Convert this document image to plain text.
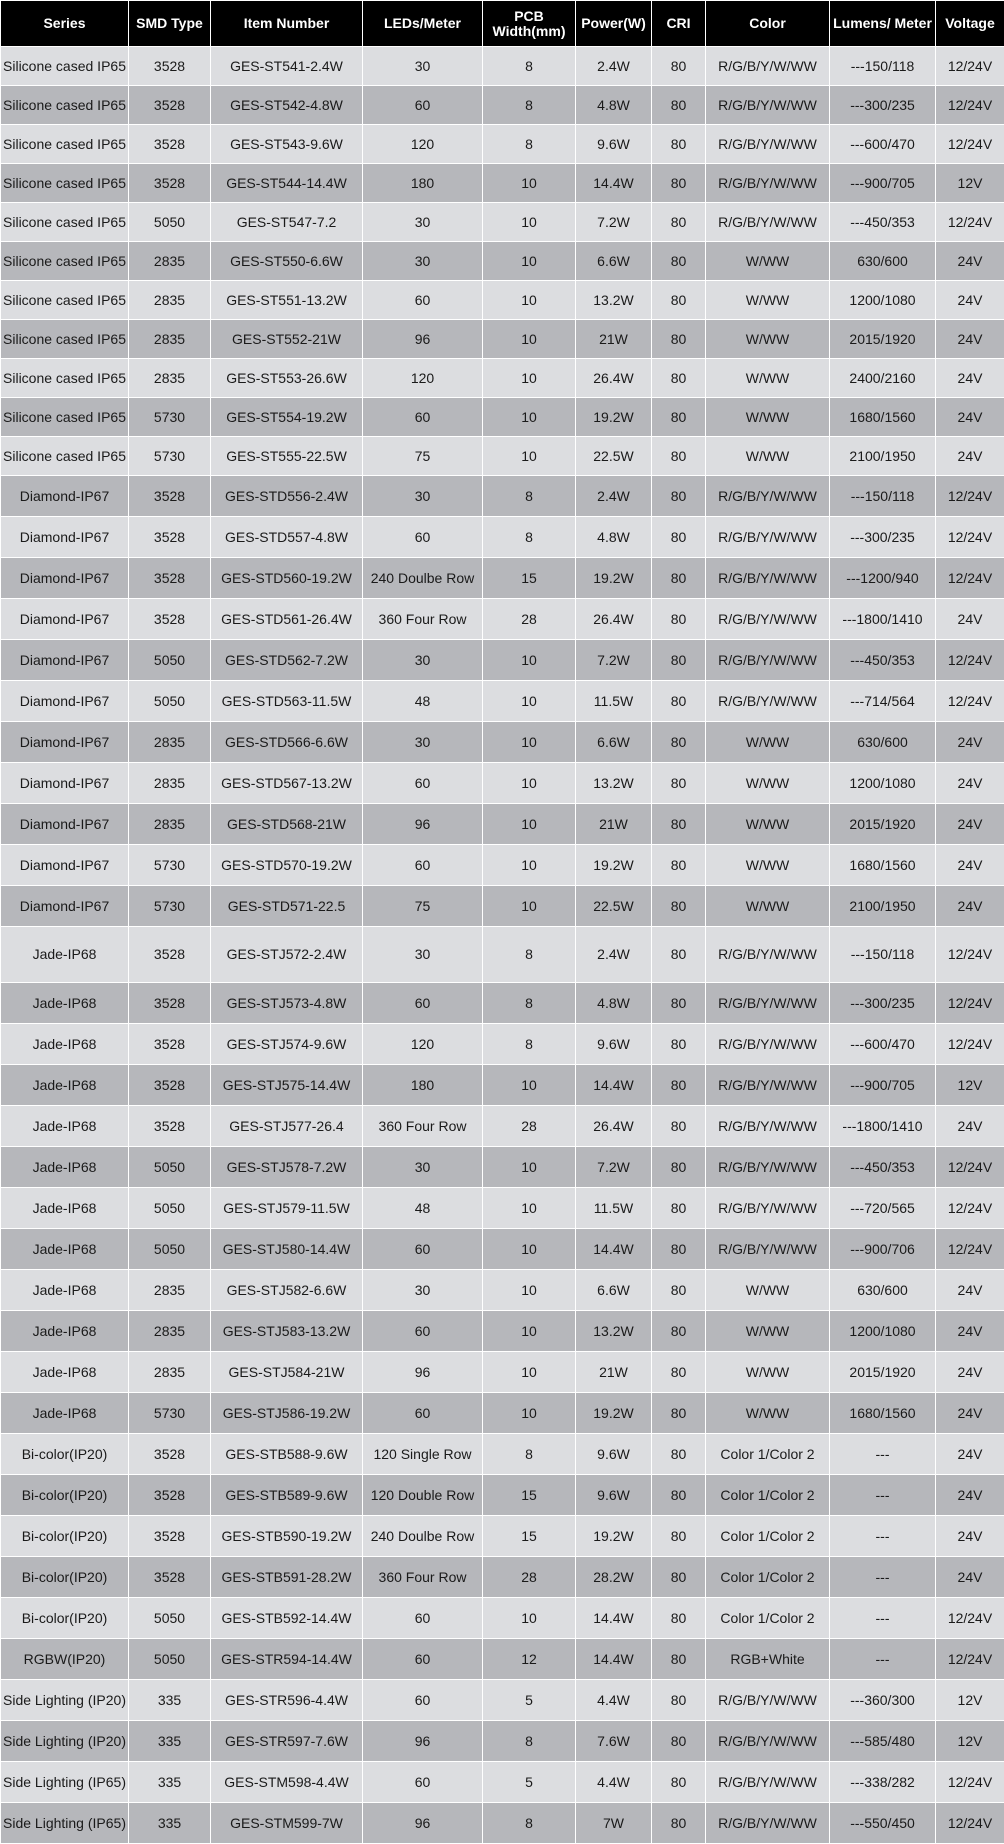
Series	SMD Type	Item Number	LEDs/Meter	PCB Width(mm)	Power(W)	CRI	Color	Lumens/ Meter	Voltage
Silicone cased IP65	3528	GES-ST541-2.4W	30	8	2.4W	80	R/G/B/Y/W/WW	---150/118	12/24V
Silicone cased IP65	3528	GES-ST542-4.8W	60	8	4.8W	80	R/G/B/Y/W/WW	---300/235	12/24V
Silicone cased IP65	3528	GES-ST543-9.6W	120	8	9.6W	80	R/G/B/Y/W/WW	---600/470	12/24V
Silicone cased IP65	3528	GES-ST544-14.4W	180	10	14.4W	80	R/G/B/Y/W/WW	---900/705	12V
Silicone cased IP65	5050	GES-ST547-7.2	30	10	7.2W	80	R/G/B/Y/W/WW	---450/353	12/24V
Silicone cased IP65	2835	GES-ST550-6.6W	30	10	6.6W	80	W/WW	630/600	24V
Silicone cased IP65	2835	GES-ST551-13.2W	60	10	13.2W	80	W/WW	1200/1080	24V
Silicone cased IP65	2835	GES-ST552-21W	96	10	21W	80	W/WW	2015/1920	24V
Silicone cased IP65	2835	GES-ST553-26.6W	120	10	26.4W	80	W/WW	2400/2160	24V
Silicone cased IP65	5730	GES-ST554-19.2W	60	10	19.2W	80	W/WW	1680/1560	24V
Silicone cased IP65	5730	GES-ST555-22.5W	75	10	22.5W	80	W/WW	2100/1950	24V
Diamond-IP67	3528	GES-STD556-2.4W	30	8	2.4W	80	R/G/B/Y/W/WW	---150/118	12/24V
Diamond-IP67	3528	GES-STD557-4.8W	60	8	4.8W	80	R/G/B/Y/W/WW	---300/235	12/24V
Diamond-IP67	3528	GES-STD560-19.2W	240 Doulbe Row	15	19.2W	80	R/G/B/Y/W/WW	---1200/940	12/24V
Diamond-IP67	3528	GES-STD561-26.4W	360 Four Row	28	26.4W	80	R/G/B/Y/W/WW	---1800/1410	24V
Diamond-IP67	5050	GES-STD562-7.2W	30	10	7.2W	80	R/G/B/Y/W/WW	---450/353	12/24V
Diamond-IP67	5050	GES-STD563-11.5W	48	10	11.5W	80	R/G/B/Y/W/WW	---714/564	12/24V
Diamond-IP67	2835	GES-STD566-6.6W	30	10	6.6W	80	W/WW	630/600	24V
Diamond-IP67	2835	GES-STD567-13.2W	60	10	13.2W	80	W/WW	1200/1080	24V
Diamond-IP67	2835	GES-STD568-21W	96	10	21W	80	W/WW	2015/1920	24V
Diamond-IP67	5730	GES-STD570-19.2W	60	10	19.2W	80	W/WW	1680/1560	24V
Diamond-IP67	5730	GES-STD571-22.5	75	10	22.5W	80	W/WW	2100/1950	24V
Jade-IP68	3528	GES-STJ572-2.4W	30	8	2.4W	80	R/G/B/Y/W/WW	---150/118	12/24V
Jade-IP68	3528	GES-STJ573-4.8W	60	8	4.8W	80	R/G/B/Y/W/WW	---300/235	12/24V
Jade-IP68	3528	GES-STJ574-9.6W	120	8	9.6W	80	R/G/B/Y/W/WW	---600/470	12/24V
Jade-IP68	3528	GES-STJ575-14.4W	180	10	14.4W	80	R/G/B/Y/W/WW	---900/705	12V
Jade-IP68	3528	GES-STJ577-26.4	360 Four Row	28	26.4W	80	R/G/B/Y/W/WW	---1800/1410	24V
Jade-IP68	5050	GES-STJ578-7.2W	30	10	7.2W	80	R/G/B/Y/W/WW	---450/353	12/24V
Jade-IP68	5050	GES-STJ579-11.5W	48	10	11.5W	80	R/G/B/Y/W/WW	---720/565	12/24V
Jade-IP68	5050	GES-STJ580-14.4W	60	10	14.4W	80	R/G/B/Y/W/WW	---900/706	12/24V
Jade-IP68	2835	GES-STJ582-6.6W	30	10	6.6W	80	W/WW	630/600	24V
Jade-IP68	2835	GES-STJ583-13.2W	60	10	13.2W	80	W/WW	1200/1080	24V
Jade-IP68	2835	GES-STJ584-21W	96	10	21W	80	W/WW	2015/1920	24V
Jade-IP68	5730	GES-STJ586-19.2W	60	10	19.2W	80	W/WW	1680/1560	24V
Bi-color(IP20)	3528	GES-STB588-9.6W	120 Single Row	8	9.6W	80	Color 1/Color 2	---	24V
Bi-color(IP20)	3528	GES-STB589-9.6W	120 Double Row	15	9.6W	80	Color 1/Color 2	---	24V
Bi-color(IP20)	3528	GES-STB590-19.2W	240 Doulbe Row	15	19.2W	80	Color 1/Color 2	---	24V
Bi-color(IP20)	3528	GES-STB591-28.2W	360 Four Row	28	28.2W	80	Color 1/Color 2	---	24V
Bi-color(IP20)	5050	GES-STB592-14.4W	60	10	14.4W	80	Color 1/Color 2	---	12/24V
RGBW(IP20)	5050	GES-STR594-14.4W	60	12	14.4W	80	RGB+White	---	12/24V
Side Lighting (IP20)	335	GES-STR596-4.4W	60	5	4.4W	80	R/G/B/Y/W/WW	---360/300	12V
Side Lighting (IP20)	335	GES-STR597-7.6W	96	8	7.6W	80	R/G/B/Y/W/WW	---585/480	12V
Side Lighting (IP65)	335	GES-STM598-4.4W	60	5	4.4W	80	R/G/B/Y/W/WW	---338/282	12/24V
Side Lighting (IP65)	335	GES-STM599-7W	96	8	7W	80	R/G/B/Y/W/WW	---550/450	12/24V
